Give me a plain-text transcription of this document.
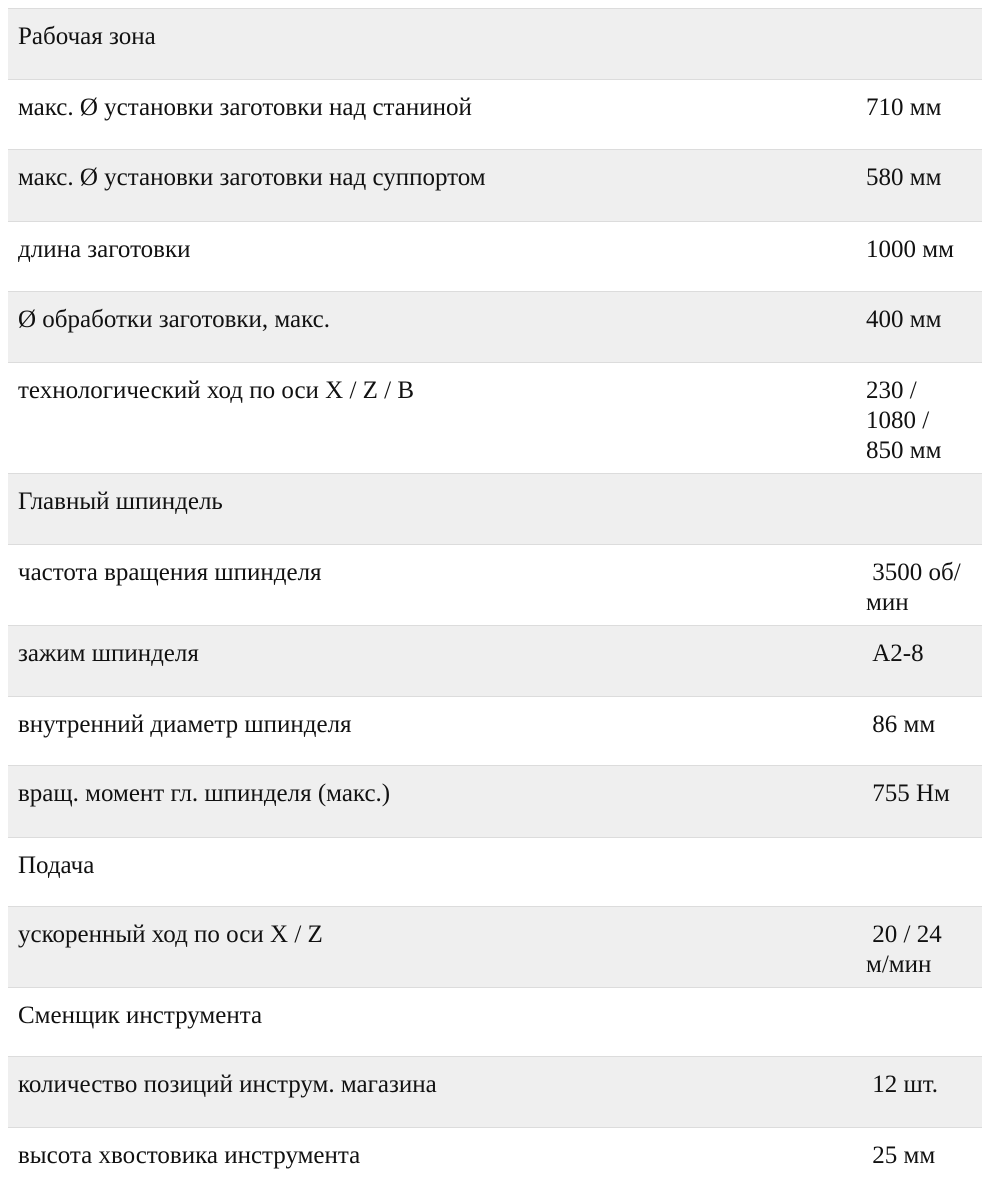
Рабочая зона
макс. Ø установки заготовки над станиной	710 мм
макс. Ø установки заготовки над суппортом	580 мм
длина заготовки	1000 мм
Ø обработки заготовки, макс.	400 мм
технологический ход по оси X / Z / B	230 /
1080 /
850 мм
Главный шпиндель
частота вращения шпинделя	3500 об/
мин
зажим шпинделя	А2-8
внутренний диаметр шпинделя	86 мм
вращ. момент гл. шпинделя (макс.)	755 Нм
Подача
ускоренный ход по оси X / Z	20 / 24
м/мин
Сменщик инструмента
количество позиций инструм. магазина	12 шт.
высота хвостовика инструмента	25 мм
